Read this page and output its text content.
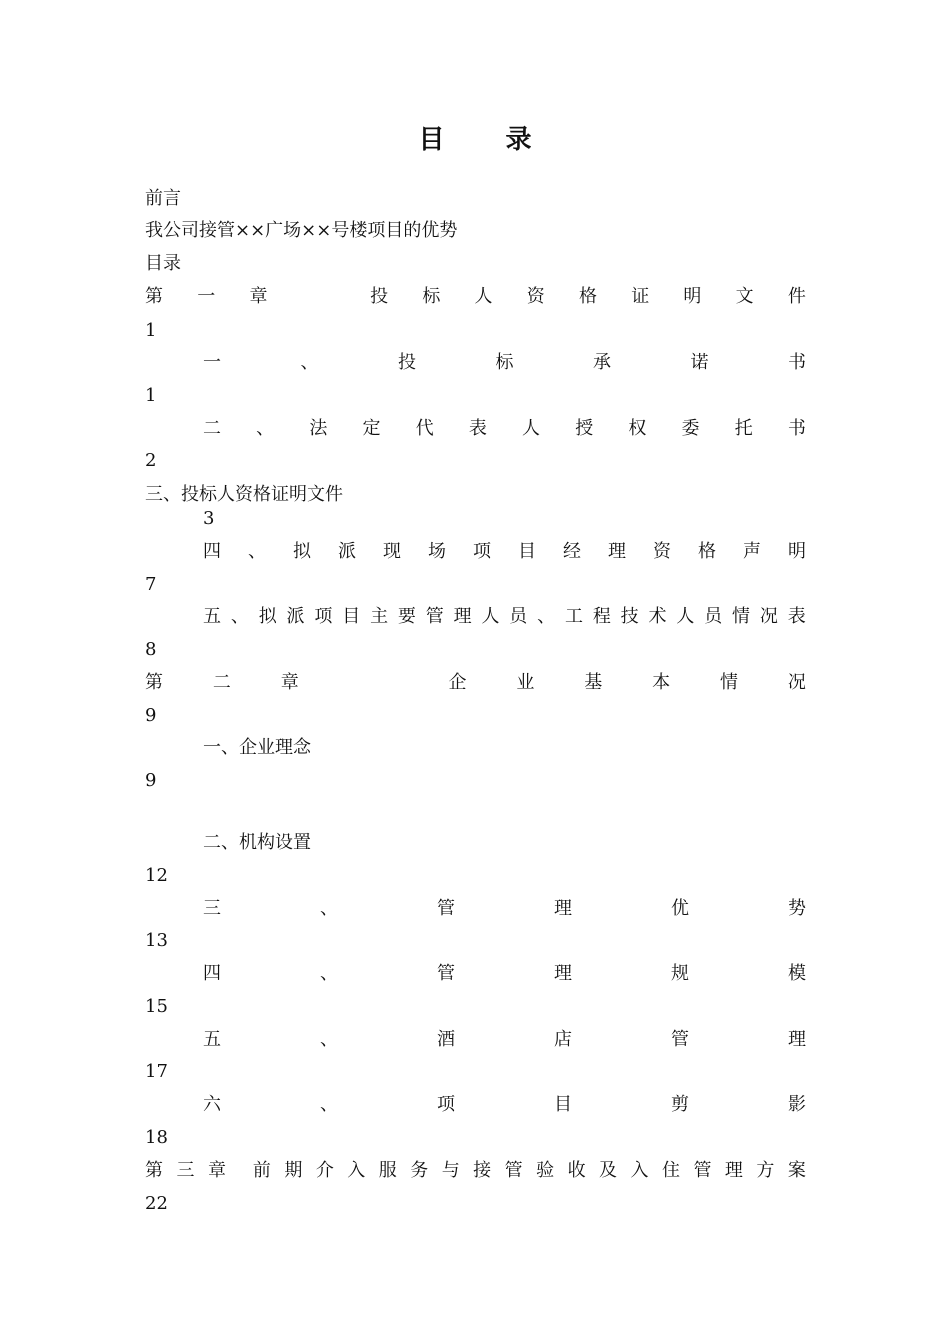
目 录
前言
我公司接管××广场××号楼项目的优势
目录
第 一 章	投 标 人 资 格 证 明 文 件
1
一	、	投	标	承	诺	书
1
二 、 法 定 代 表 人 授 权 委 托 书
2
三、投标人资格证明文件
3
四 、 拟 派 现 场 项 目 经 理 资 格 声 明
7
五 、 拟 派 项 目 主 要 管 理 人 员 、 工 程 技 术 人 员 情 况 表
8
第	二	章	企	业	基	本	情	况
9
一、企业理念
9
二、机构设置
12
三	、	管	理	优	势
13
四	、	管	理	规	模
15
五	、	酒	店	管	理
17
六	、	项	目	剪	影
18
第 三 章 前 期 介 入 服 务 与 接 管 验 收 及 入 住 管 理 方 案
22
